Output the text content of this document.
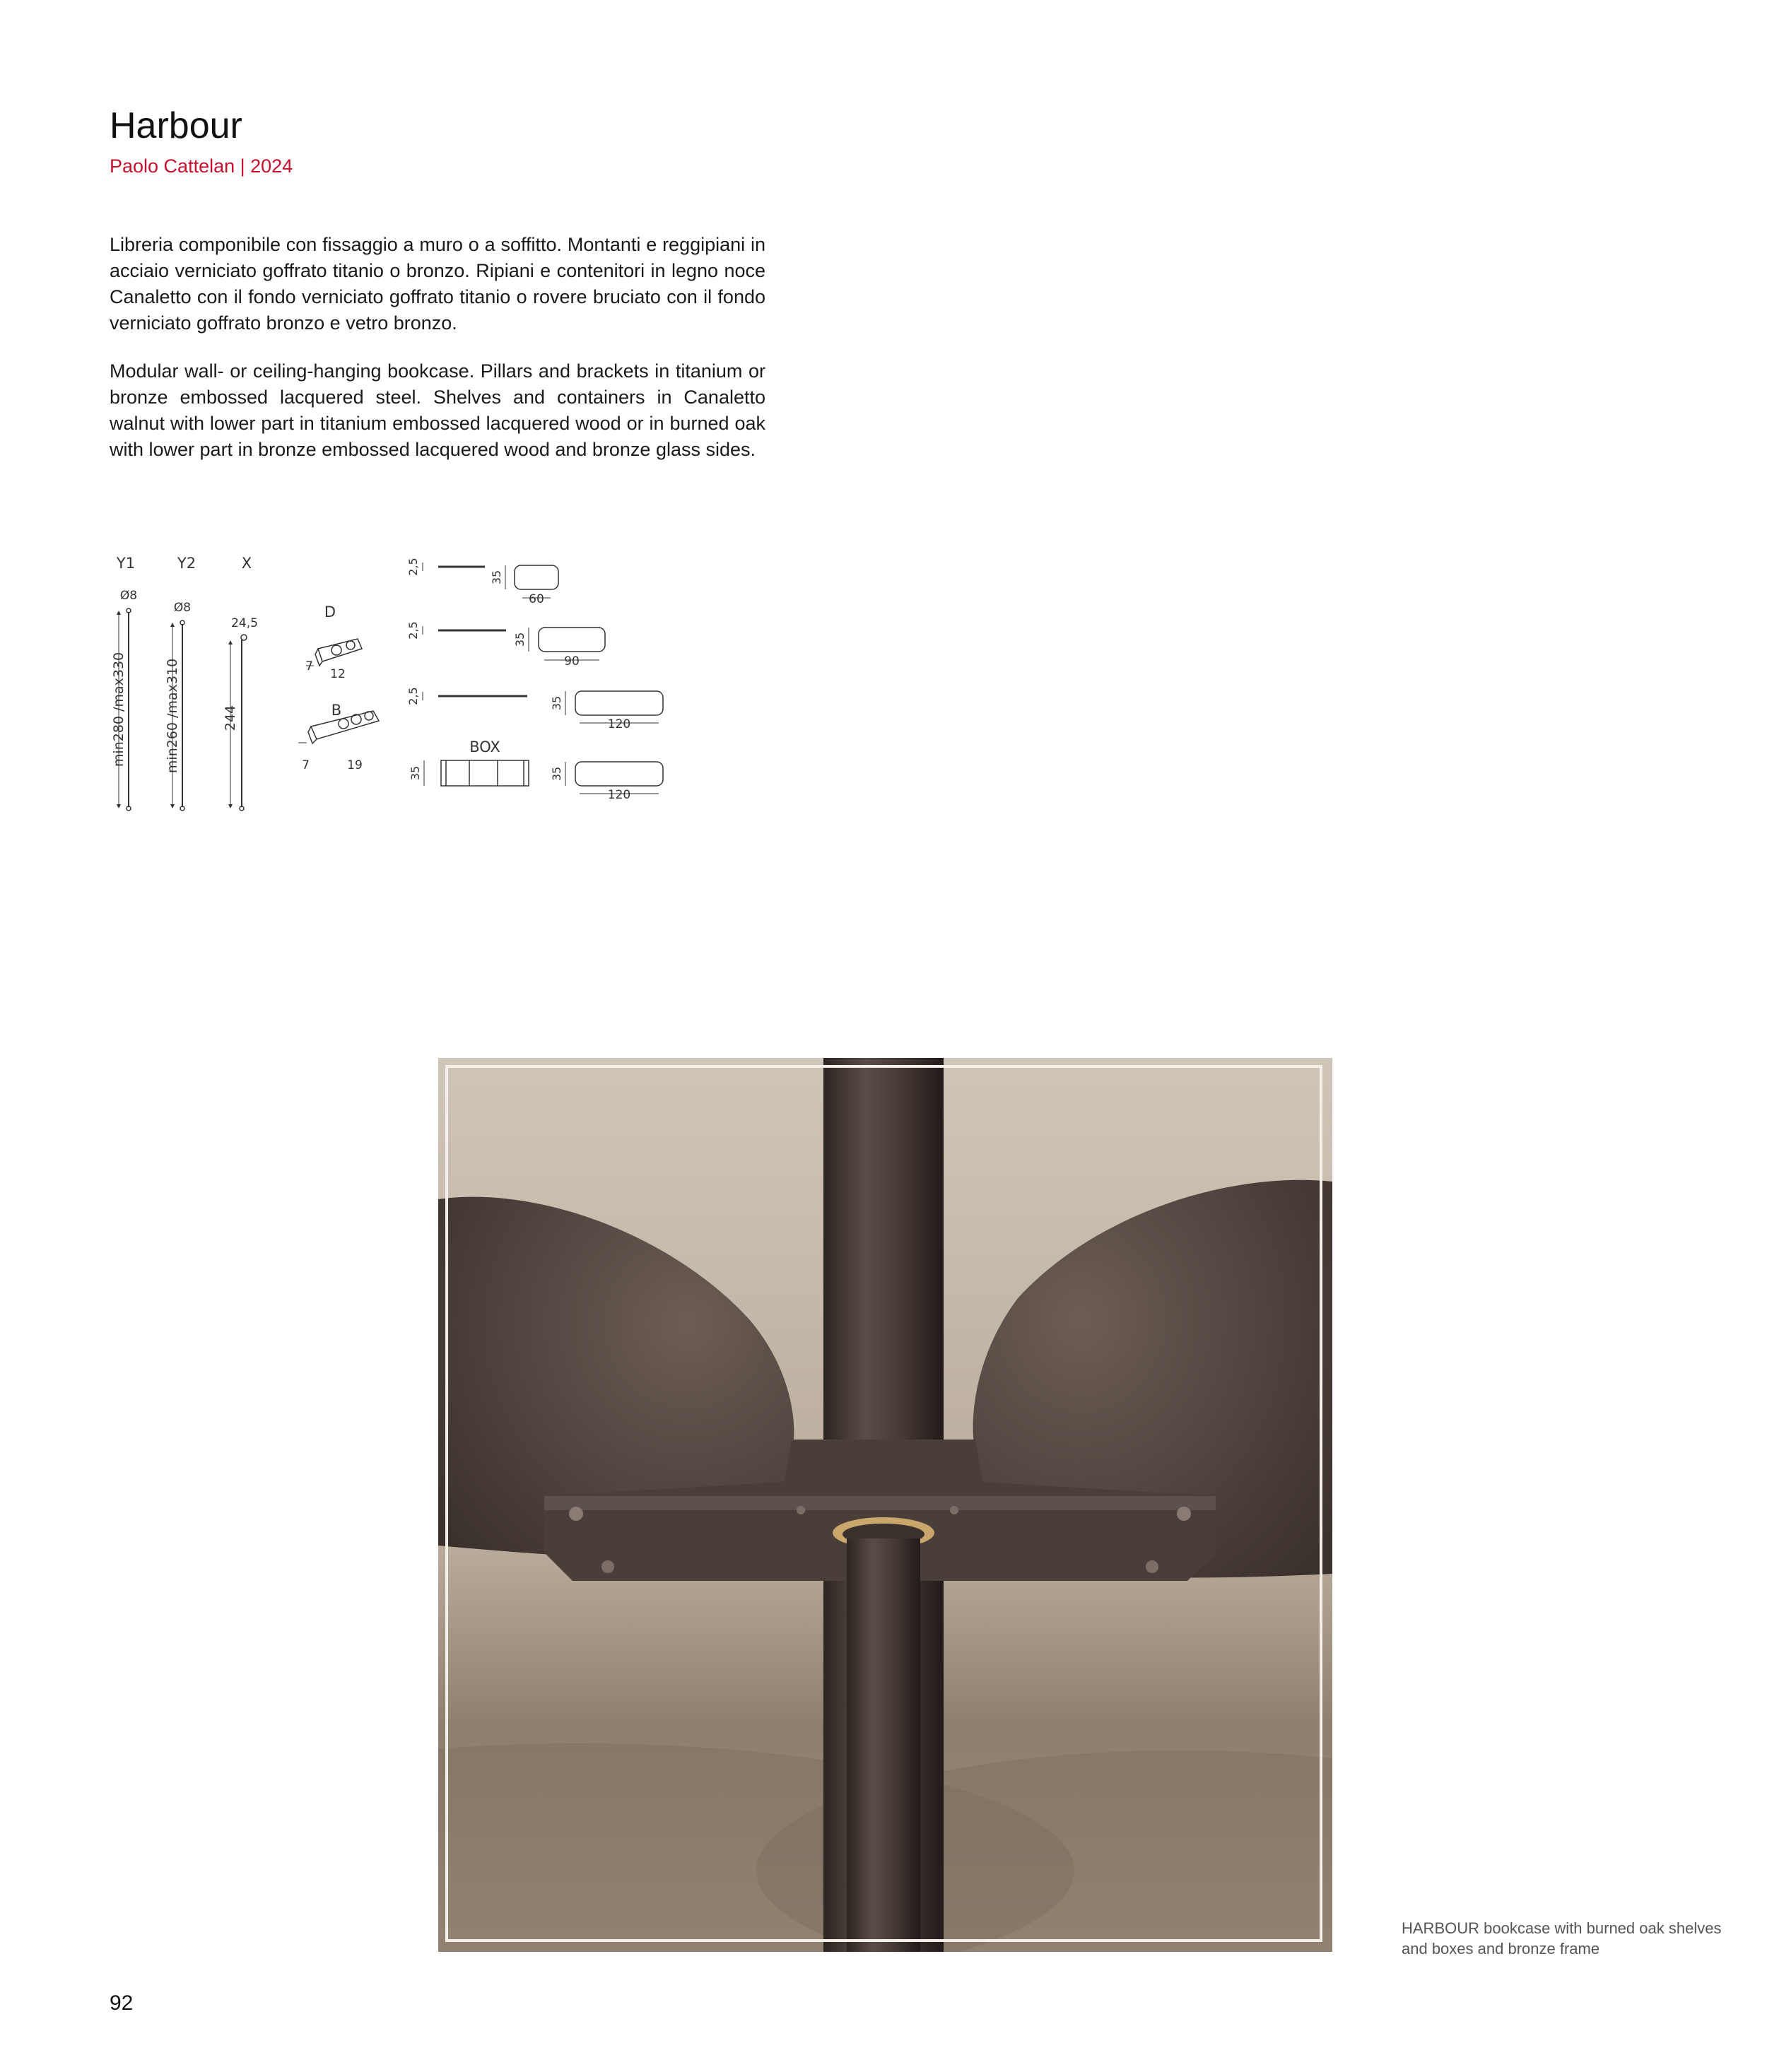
Harbour
Paolo Cattelan | 2024

Libreria componibile con fissaggio a muro o a soffitto. Montanti e reggipiani in acciaio verniciato goffrato titanio o bronzo. Ripiani e contenitori in legno noce Canaletto con il fondo verniciato goffrato titanio o rovere bruciato con il fondo verniciato goffrato bronzo e vetro bronzo.

Modular wall- or ceiling-hanging bookcase. Pillars and brackets in titanium or bronze embossed lacquered steel. Shelves and containers in Canaletto walnut with lower part in titanium embossed lacquered wood or in burned oak with lower part in bronze embossed lacquered wood and bronze glass sides.

Y1	Y2	X
Ø8
Ø8
24,5
min280 /max330	min260 /max310	244
D
7
12
B
7	19
2,5
2,5
2,5
35
35
35
60
90
120
BOX
35	35
120
HARBOUR bookcase with burned oak shelves and boxes and bronze frame
92
